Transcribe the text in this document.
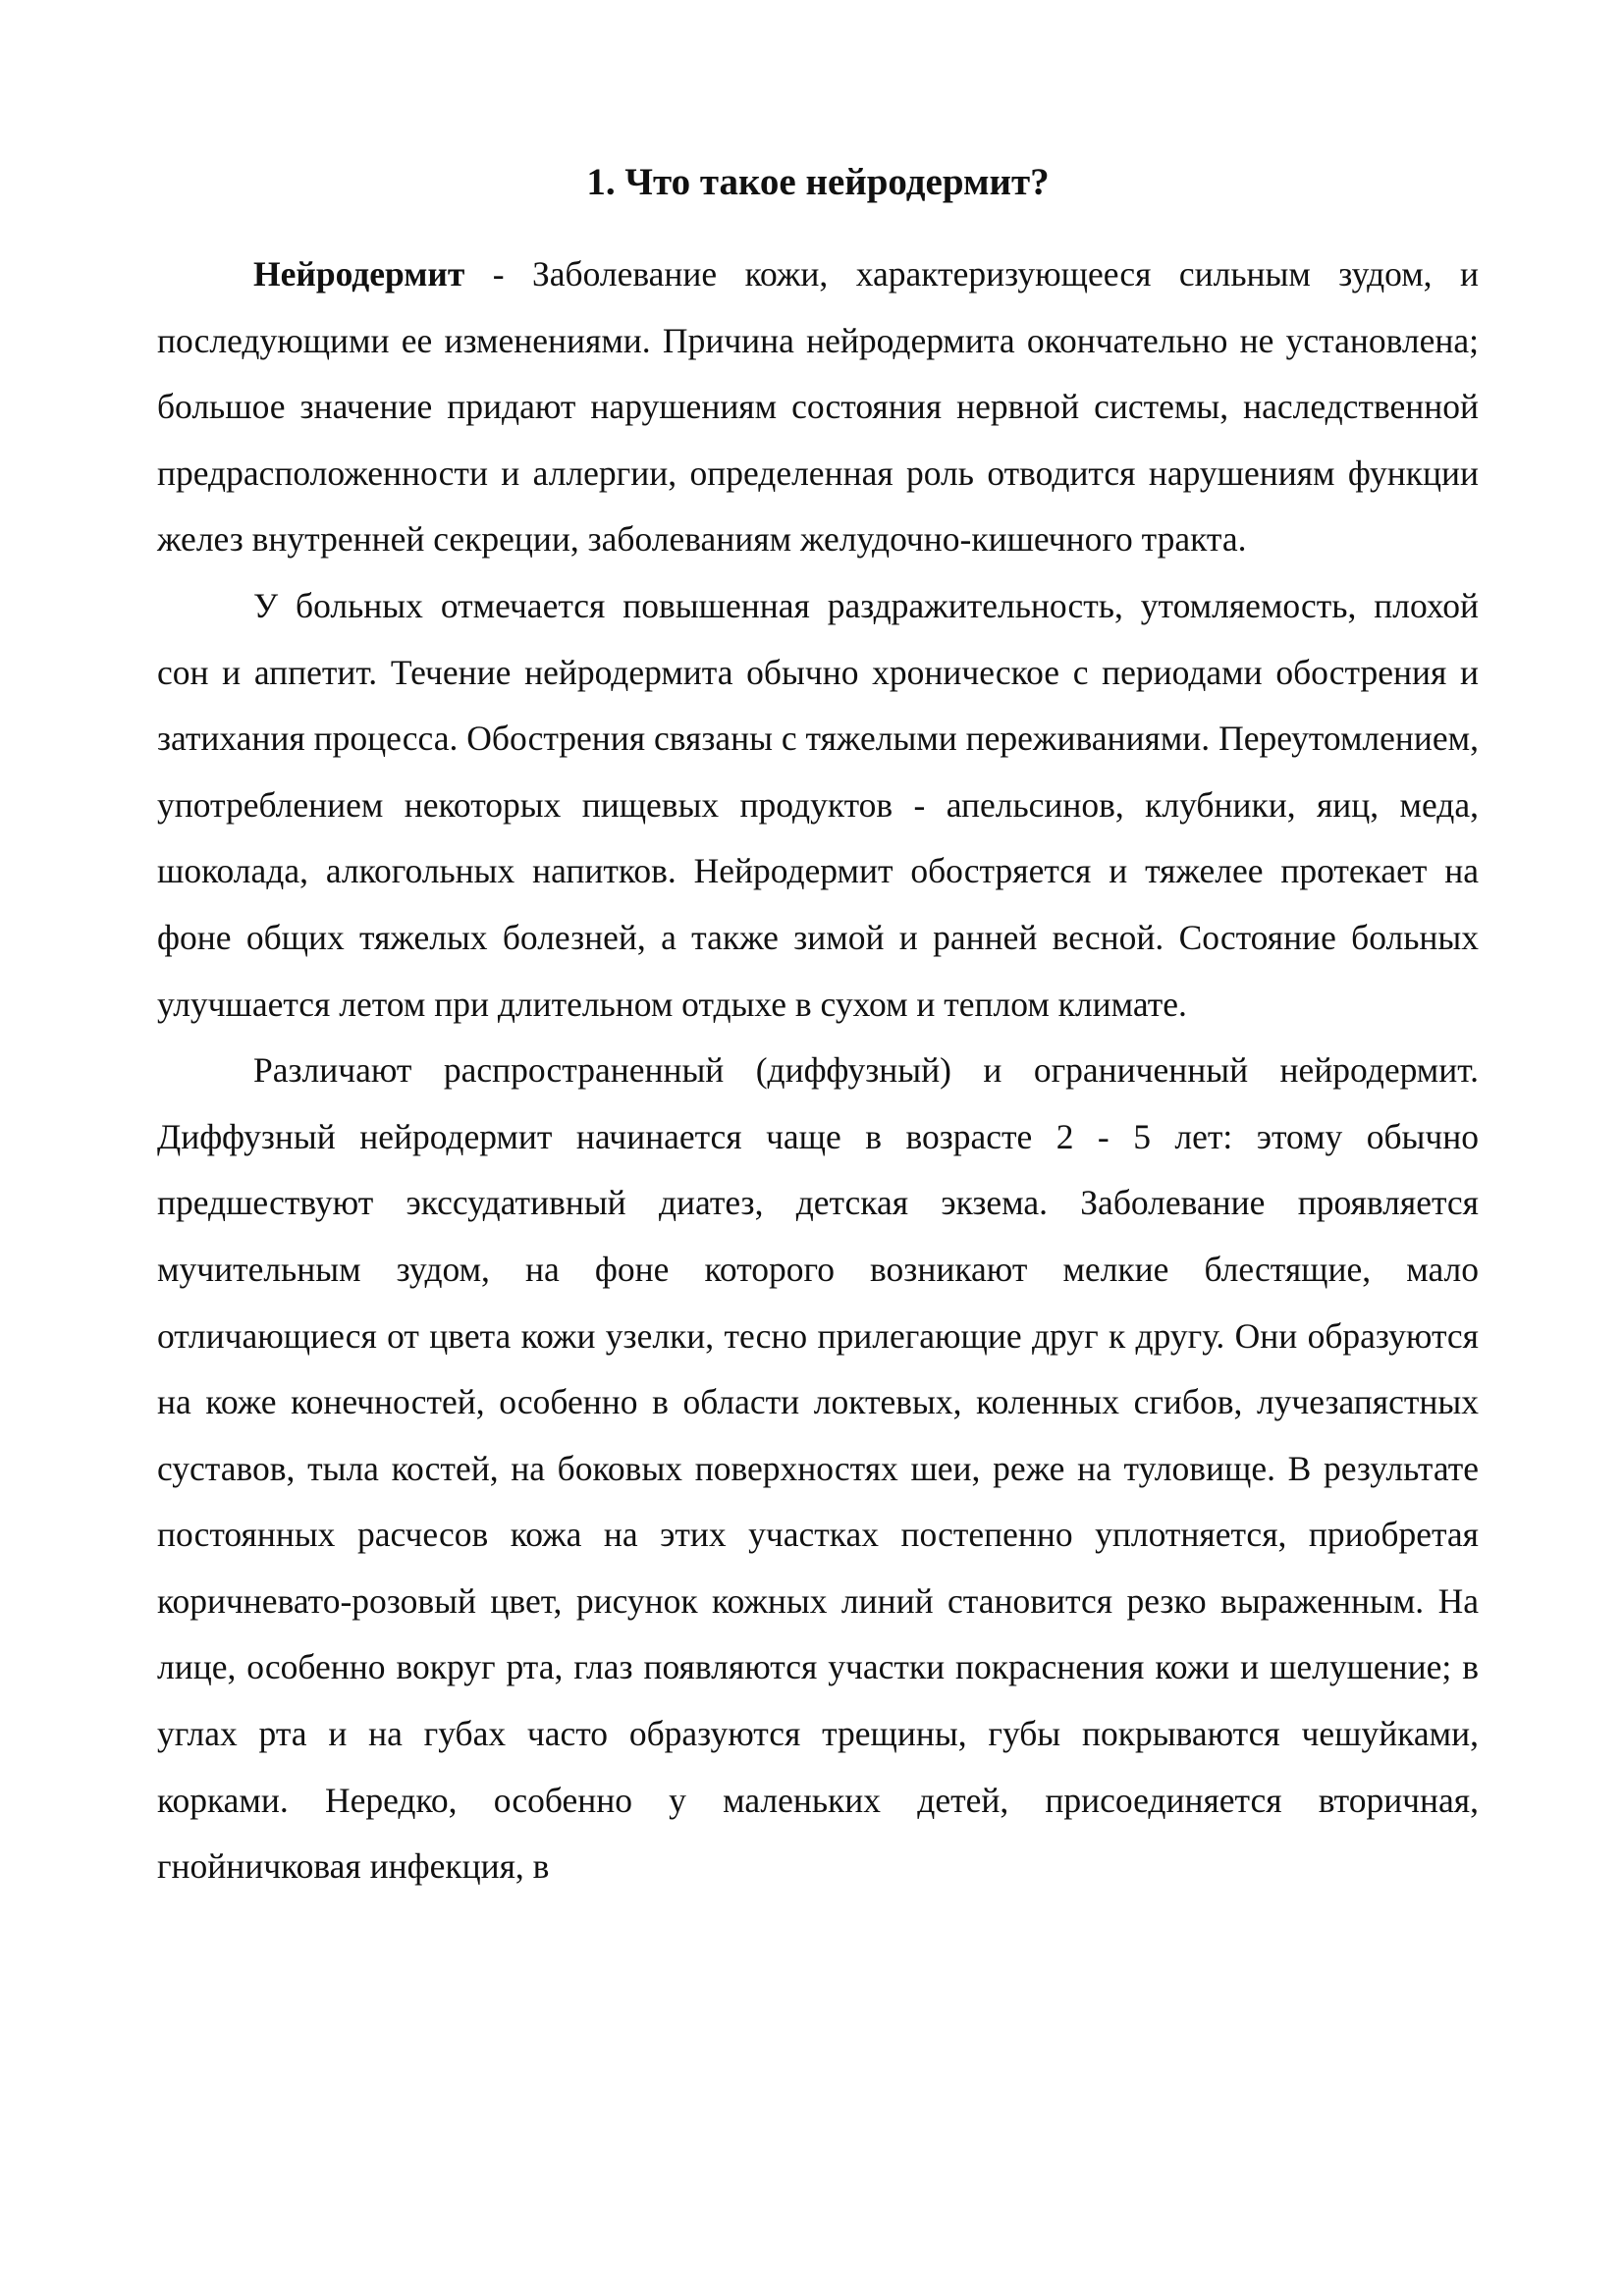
1. Что такое нейродермит?

Нейродермит - Заболевание кожи, характеризующееся сильным зудом, и последующими ее изменениями. Причина нейродермита окончательно не установлена; большое значение придают нарушениям состояния нервной системы, наследственной предрасположенности и аллергии, определенная роль отводится нарушениям функции желез внутренней секреции, заболеваниям желудочно-кишечного тракта.

У больных отмечается повышенная раздражительность, утомляемость, плохой сон и аппетит. Течение нейродермита обычно хроническое с периодами обострения и затихания процесса. Обострения связаны с тяжелыми переживаниями. Переутомлением, употреблением некоторых пищевых продуктов - апельсинов, клубники, яиц, меда, шоколада, алкогольных напитков. Нейродермит обостряется и тяжелее протекает на фоне общих тяжелых болезней, а также зимой и ранней весной. Состояние больных улучшается летом при длительном отдыхе в сухом и теплом климате.

Различают распространенный (диффузный) и ограниченный нейродермит. Диффузный нейродермит начинается чаще в возрасте 2 - 5 лет: этому обычно предшествуют экссудативный диатез, детская экзема. Заболевание проявляется мучительным зудом, на фоне которого возникают мелкие блестящие, мало отличающиеся от цвета кожи узелки, тесно прилегающие друг к другу. Они образуются на коже конечностей, особенно в области локтевых, коленных сгибов, лучезапястных суставов, тыла костей, на боковых поверхностях шеи, реже на туловище. В результате постоянных расчесов кожа на этих участках постепенно уплотняется, приобретая коричневато-розовый цвет, рисунок кожных линий становится резко выраженным. На лице, особенно вокруг рта, глаз появляются участки покраснения кожи и шелушение; в углах рта и на губах часто образуются трещины, губы покрываются чешуйками, корками. Нередко, особенно у маленьких детей, присоединяется вторичная, гнойничковая инфекция, в
